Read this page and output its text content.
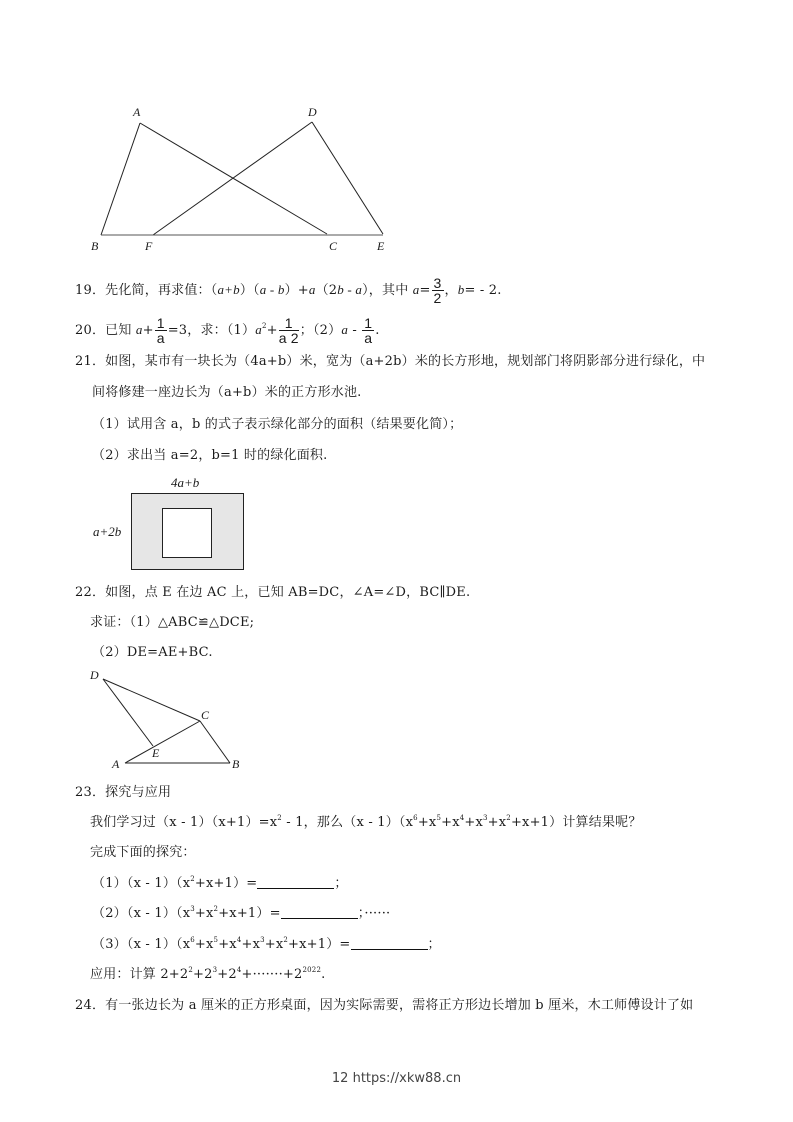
A	D
B	F	C	E
19．先化简，再求值：（a+b）（a - b）+a（2b - a），其中 $a= \frac{3}{2}$ ，b= - 2.
20．已知 $a+ \frac{1}{a} =3$，求：$(1)a^2+ \frac{1}{a 2}$ ；$(2)a - \frac{1}{a}$ .
21．如图，某市有一块长为（4a+b）米，宽为（a+2b）米的长方形地，规划部门将阴影部分进行绿化，中
间将修建一座边长为（a+b）米的正方形水池.
（1）试用含 a，b 的式子表示绿化部分的面积（结果要化简）；
（2）求出当 a=2，b=1 时的绿化面积.
4a+b
a+2b
22．如图，点 E 在边 AC 上，已知 AB=DC，∠A=∠D，BC∥DE.
求证：（1）△ABC≌△DCE;
（2）DE=AE+BC.
D
C
E
A	B
23．探究与应用
我们学习过$(x - 1)(x+1)=x^2 - 1$，那么$(x - 1)(x^6+x^5+x^4+x^3+x^2+x+1)$计算结果呢？
完成下面的探究：
$(1)(x - 1)(x^2+x+1)=$	；
$(2)(x - 1)(x^3+x^2+x+1)=$	；······
$(3)(x - 1)(x^6+x^5+x^4+x^3+x^2+x+1)=$	；
应用：计算 $2+2^2+2^3+2^4+\cdot\cdot\cdot\cdot\cdot\cdot\cdot+2^{2022}$.
24．有一张边长为 a 厘米的正方形桌面，因为实际需要，需将正方形边长增加 b 厘米，木工师傅设计了如
12 https://xkw88.cn
